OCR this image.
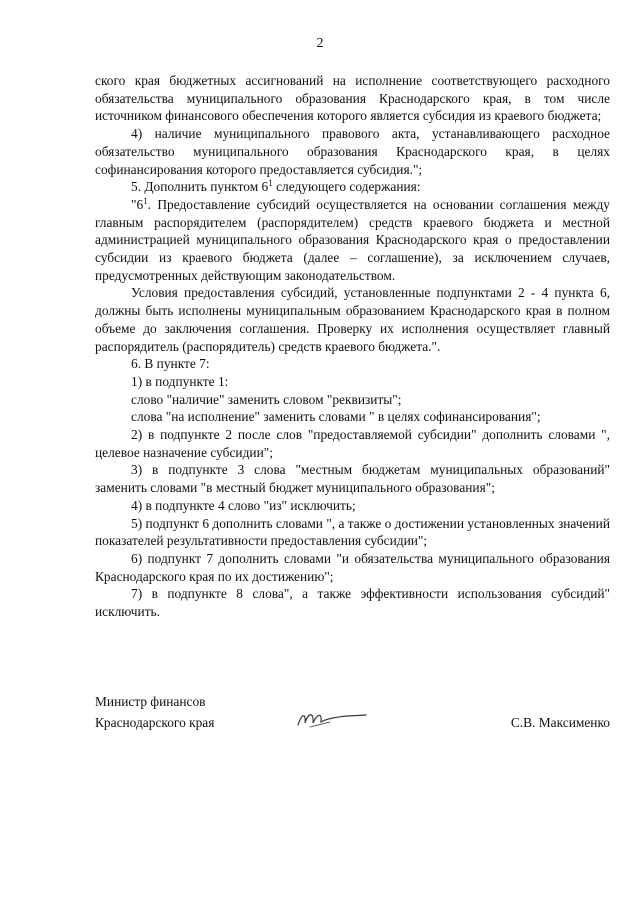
2

ского края бюджетных ассигнований на исполнение соответствующего расходного обязательства муниципального образования Краснодарского края, в том числе источником финансового обеспечения которого является субсидия из краевого бюджета;

4) наличие муниципального правового акта, устанавливающего расходное обязательство муниципального образования Краснодарского края, в целях софинансирования которого предоставляется субсидия.";

5. Дополнить пунктом $6^1$ следующего содержания:

"$6^1$. Предоставление субсидий осуществляется на основании соглашения между главным распорядителем (распорядителем) средств краевого бюджета и местной администрацией муниципального образования Краснодарского края о предоставлении субсидии из краевого бюджета (далее – соглашение), за исключением случаев, предусмотренных действующим законодательством.

Условия предоставления субсидий, установленные подпунктами 2 - 4 пункта 6, должны быть исполнены муниципальным образованием Краснодарского края в полном объеме до заключения соглашения. Проверку их исполнения осуществляет главный распорядитель (распорядитель) средств краевого бюджета.".

6. В пункте 7:

1) в подпункте 1:

слово "наличие" заменить словом "реквизиты";

слова "на исполнение" заменить словами " в целях софинансирования";

2) в подпункте 2 после слов "предоставляемой субсидии" дополнить словами ", целевое назначение субсидии";

3) в подпункте 3 слова "местным бюджетам муниципальных образований" заменить словами "в местный бюджет муниципального образования";

4) в подпункте 4 слово "из" исключить;

5) подпункт 6 дополнить словами ", а также о достижении установленных значений показателей результативности предоставления субсидии";

6) подпункт 7 дополнить словами "и обязательства муниципального образования Краснодарского края по их достижению";

7) в подпункте 8 слова", а также эффективности использования субсидий" исключить.

Министр финансов
Краснодарского края	С.В. Максименко
